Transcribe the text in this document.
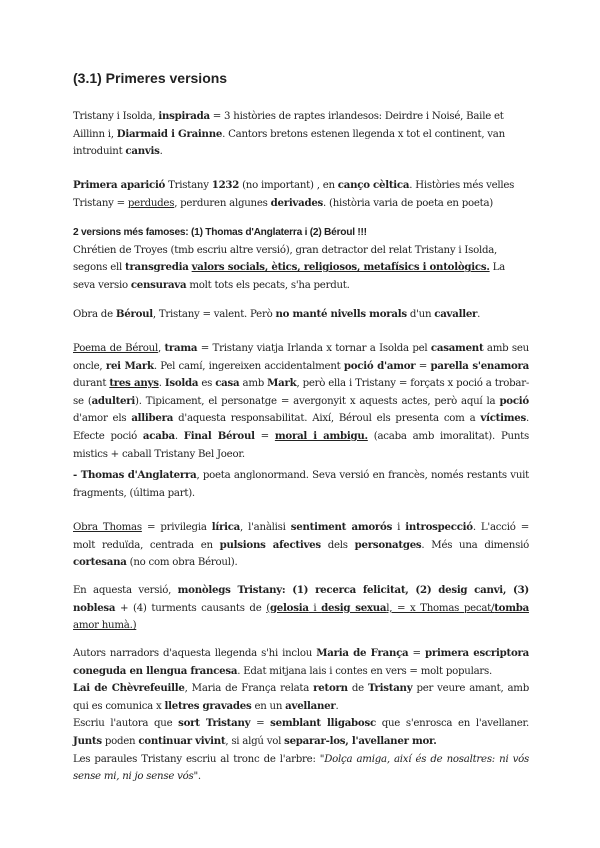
(3.1) Primeres versions

Tristany i Isolda, inspirada = 3 històries de raptes irlandesos: Deirdre i Noisé, Baile et Aillinn i, Diarmaid i Grainne. Cantors bretons estenen llegenda x tot el continent, van introduint canvis.

Primera aparició Tristany 1232 (no important) , en canço cèltica. Històries més velles Tristany = perdudes, perduren algunes derivades. (història varia de poeta en poeta)

2 versions més famoses: (1) Thomas d'Anglaterra i (2) Béroul !!!
Chrétien de Troyes (tmb escriu altre versió), gran detractor del relat Tristany i Isolda, segons ell transgredia valors socials, ètics, religiosos, metafísics i ontològics. La seva versio censurava molt tots els pecats, s'ha perdut.

Obra de Béroul, Tristany = valent. Però no manté nivells morals d'un cavaller.

Poema de Béroul, trama = Tristany viatja Irlanda x tornar a Isolda pel casament amb seu oncle, rei Mark. Pel camí, ingereixen accidentalment poció d'amor = parella s'enamora durant tres anys. Isolda es casa amb Mark, però ella i Tristany = forçats x poció a trobar-se (adulteri). Tipicament, el personatge = avergonyit x aquests actes, però aquí la poció d'amor els allibera d'aquesta responsabilitat. Així, Béroul els presenta com a víctimes. Efecte poció acaba. Final Béroul = moral i ambigu. (acaba amb imoralitat). Punts mistics + caball Tristany Bel Joeor.

- Thomas d'Anglaterra, poeta anglonormand. Seva versió en francès, només restants vuit fragments, (última part).

Obra Thomas = privilegia lírica, l'anàlisi sentiment amorós i introspecció. L'acció = molt reduïda, centrada en pulsions afectives dels personatges. Més una dimensió cortesana (no com obra Béroul).

En aquesta versió, monòlegs Tristany: (1) recerca felicitat, (2) desig canvi, (3) noblesa + (4) turments causants de (gelosia i desig sexual, = x Thomas pecat/tomba amor humà.)

Autors narradors d'aquesta llegenda s'hi inclou Maria de França = primera escriptora coneguda en llengua francesa. Edat mitjana lais i contes en vers = molt populars.
Lai de Chèvrefeuille, Maria de França relata retorn de Tristany per veure amant, amb qui es comunica x lletres gravades en un avellaner.
Escriu l'autora que sort Tristany = semblant lligabosc que s'enrosca en l'avellaner. Junts poden continuar vivint, si algú vol separar-los, l'avellaner mor.
Les paraules Tristany escriu al tronc de l'arbre: "Dolça amiga, així és de nosaltres: ni vós sense mi, ni jo sense vós".
